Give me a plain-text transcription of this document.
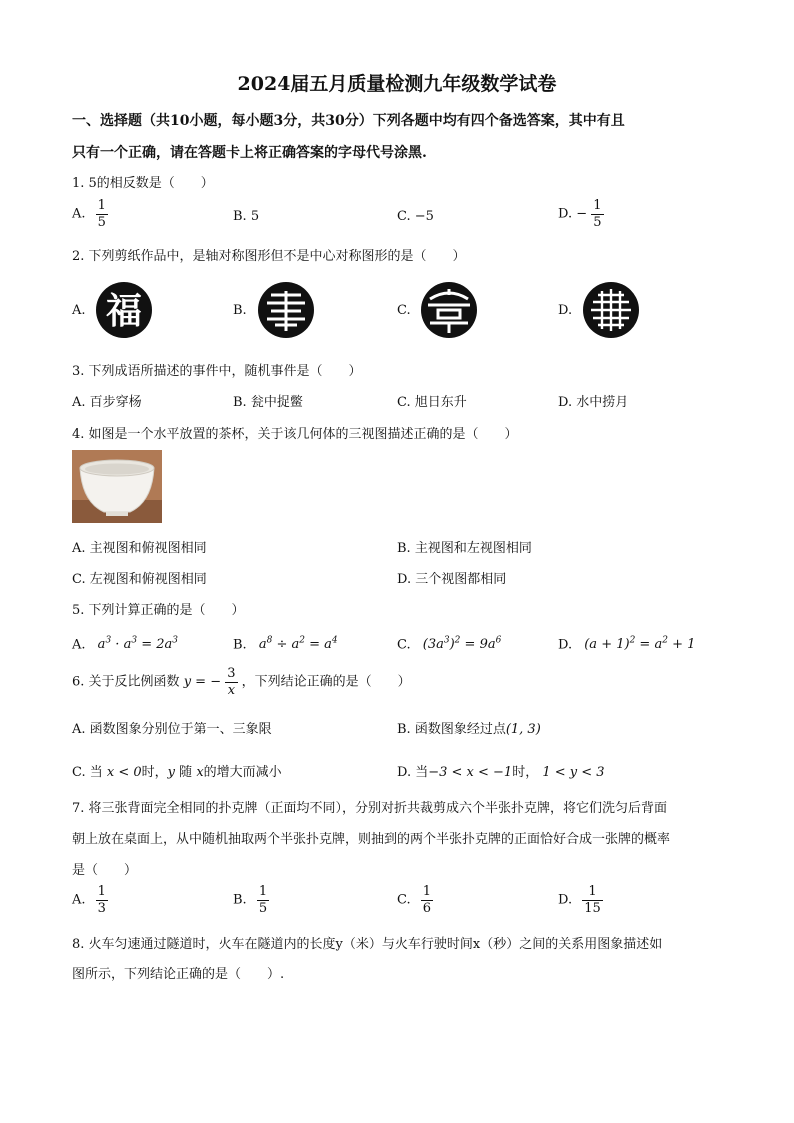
2024届五月质量检测九年级数学试卷
一、选择题（共10小题，每小题3分，共30分）下列各题中均有四个备选答案，其中有且
只有一个正确，请在答题卡上将正确答案的字母代号涂黑.
1. 5的相反数是（　　）
A. $\frac{1}{5}$	B. 5	C. −5	D. − $\frac{1}{5}$
2. 下列剪纸作品中，是轴对称图形但不是中心对称图形的是（　　）
A. 福	B.	C.	D.
3. 下列成语所描述的事件中，随机事件是（　　）
A. 百步穿杨	B. 瓮中捉鳖	C. 旭日东升	D. 水中捞月
4. 如图是一个水平放置的茶杯，关于该几何体的三视图描述正确的是（　　）
A. 主视图和俯视图相同	B. 主视图和左视图相同
C. 左视图和俯视图相同	D. 三个视图都相同
5. 下列计算正确的是（　　）
A. $a^3 \cdot a^3 = 2a^3$	B. $a^8 \div a^2 = a^4$	C. $(3a^3)^2 = 9a^6$	D. $(a + 1)^2 = a^2 + 1$
6. 关于反比例函数 y = − $\frac{3}{x}$ ，下列结论正确的是（　　）
A. 函数图象分别位于第一、三象限	B. 函数图象经过点(1, 3)
C. 当 x < 0时，y 随 x的增大而减小	D. 当−3 < x < −1时， 1 < y < 3
7. 将三张背面完全相同的扑克牌（正面均不同），分别对折共裁剪成六个半张扑克牌，将它们洗匀后背面
朝上放在桌面上，从中随机抽取两个半张扑克牌，则抽到的两个半张扑克牌的正面恰好合成一张牌的概率
是（　　）
A. $\frac{1}{3}$	B. $\frac{1}{5}$	C. $\frac{1}{6}$	D. $\frac{1}{15}$
8. 火车匀速通过隧道时，火车在隧道内的长度y（米）与火车行驶时间x（秒）之间的关系用图象描述如
图所示，下列结论正确的是（　　）.
